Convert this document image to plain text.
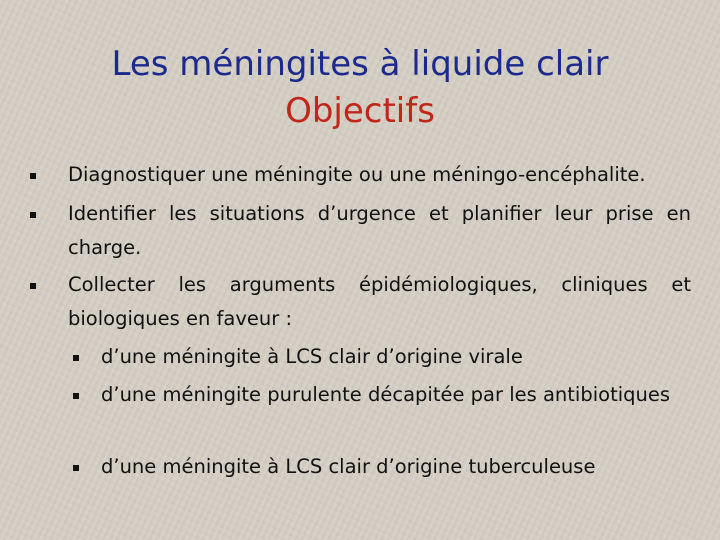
Les méningites à liquide clair
Objectifs
Diagnostiquer une méningite ou une méningo-encéphalite.
Identifier les situations d’urgence et planifier leur prise en charge.
Collecter les arguments épidémiologiques, cliniques et biologiques en faveur :
d’une méningite à LCS clair d’origine virale
d’une méningite purulente décapitée par les antibiotiques
d’une méningite à LCS clair d’origine tuberculeuse
